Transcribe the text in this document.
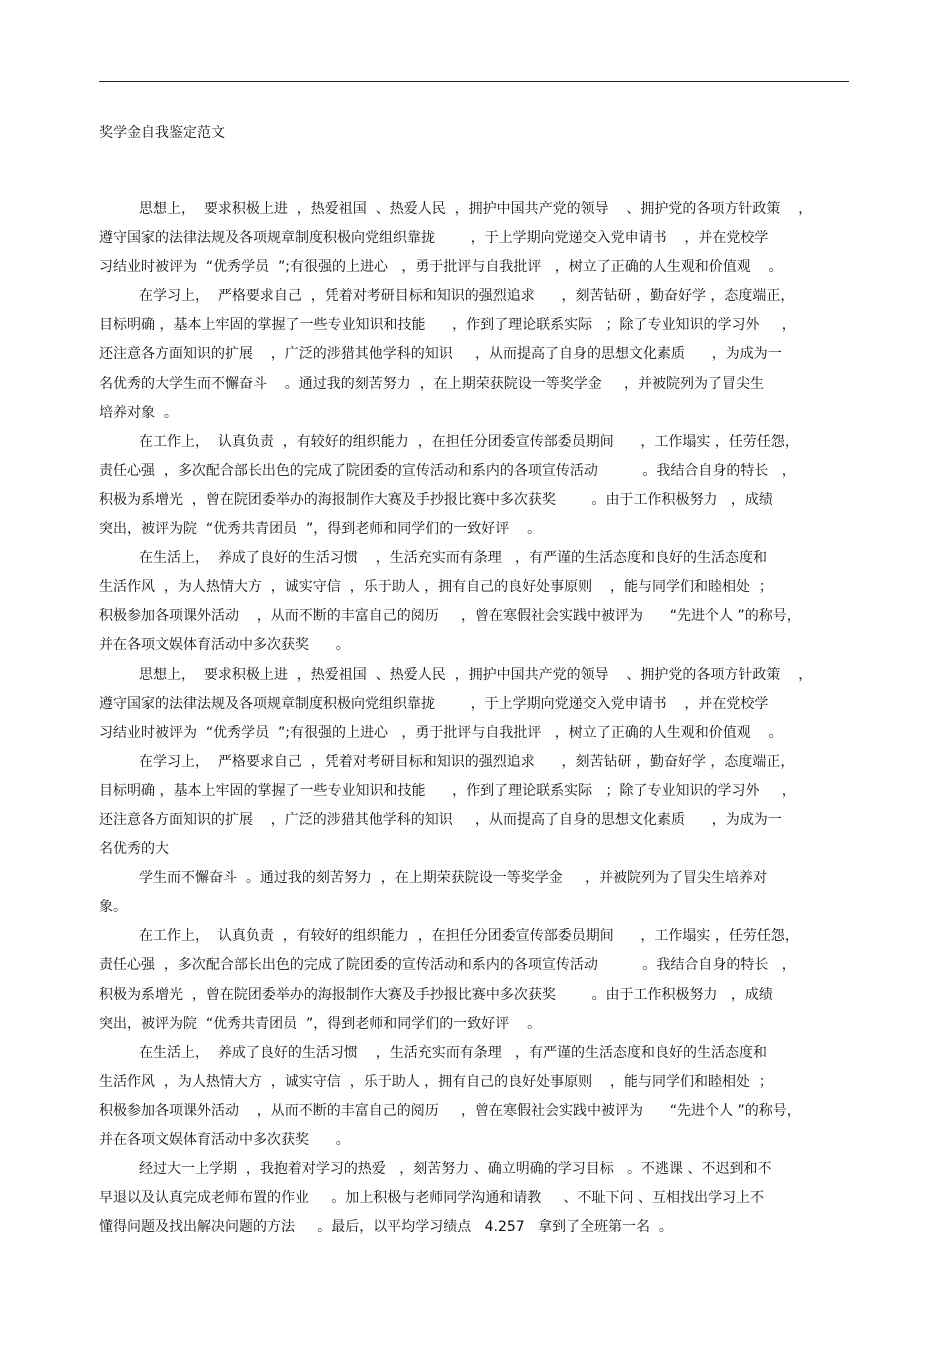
奖学金自我鉴定范文
思想上，  要求积极上进  ，热爱祖国  、热爱人民  ，拥护中国共产党的领导    、拥护党的各项方针政策    ，
遵守国家的法律法规及各项规章制度积极向党组织靠拢        ，于上学期向党递交入党申请书    ，并在党校学
习结业时被评为  “优秀学员  ”;有很强的上进心   ，勇于批评与自我批评   ，树立了正确的人生观和价值观    。
在学习上，  严格要求自己  ，凭着对考研目标和知识的强烈追求      ，刻苦钻研 ，勤奋好学 ，态度端正，
目标明确 ，基本上牢固的掌握了一些专业知识和技能      ，作到了理论联系实际   ；除了专业知识的学习外     ，
还注意各方面知识的扩展    ，广泛的涉猎其他学科的知识     ，从而提高了自身的思想文化素质      ，为成为一
名优秀的大学生而不懈奋斗    。通过我的刻苦努力  ，在上期荣获院设一等奖学金     ，并被院列为了冒尖生
培养对象  。
在工作上，  认真负责  ，有较好的组织能力  ，在担任分团委宣传部委员期间      ，工作塌实 ，任劳任怨，
责任心强  ，多次配合部长出色的完成了院团委的宣传活动和系内的各项宣传活动          。我结合自身的特长   ，
积极为系增光  ，曾在院团委举办的海报制作大赛及手抄报比赛中多次获奖        。由于工作积极努力   ，成绩
突出，被评为院  “优秀共青团员  ”，得到老师和同学们的一致好评    。
在生活上，  养成了良好的生活习惯    ，生活充实而有条理   ，有严谨的生活态度和良好的生活态度和
生活作风  ，为人热情大方  ，诚实守信  ，乐于助人 ，拥有自己的良好处事原则    ，能与同学们和睦相处  ；
积极参加各项课外活动    ，从而不断的丰富自己的阅历     ，曾在寒假社会实践中被评为      “先进个人 ”的称号，
并在各项文娱体育活动中多次获奖      。
思想上，  要求积极上进  ，热爱祖国  、热爱人民  ，拥护中国共产党的领导    、拥护党的各项方针政策    ，
遵守国家的法律法规及各项规章制度积极向党组织靠拢        ，于上学期向党递交入党申请书    ，并在党校学
习结业时被评为  “优秀学员  ”;有很强的上进心   ，勇于批评与自我批评   ，树立了正确的人生观和价值观    。
在学习上，  严格要求自己  ，凭着对考研目标和知识的强烈追求      ，刻苦钻研 ，勤奋好学 ，态度端正，
目标明确 ，基本上牢固的掌握了一些专业知识和技能      ，作到了理论联系实际   ；除了专业知识的学习外     ，
还注意各方面知识的扩展    ，广泛的涉猎其他学科的知识     ，从而提高了自身的思想文化素质      ，为成为一
名优秀的大
学生而不懈奋斗  。通过我的刻苦努力  ，在上期荣获院设一等奖学金     ，并被院列为了冒尖生培养对
象。
在工作上，  认真负责  ，有较好的组织能力  ，在担任分团委宣传部委员期间      ，工作塌实 ，任劳任怨，
责任心强  ，多次配合部长出色的完成了院团委的宣传活动和系内的各项宣传活动          。我结合自身的特长   ，
积极为系增光  ，曾在院团委举办的海报制作大赛及手抄报比赛中多次获奖        。由于工作积极努力   ，成绩
突出，被评为院  “优秀共青团员  ”，得到老师和同学们的一致好评    。
在生活上，  养成了良好的生活习惯    ，生活充实而有条理   ，有严谨的生活态度和良好的生活态度和
生活作风  ，为人热情大方  ，诚实守信  ，乐于助人 ，拥有自己的良好处事原则    ，能与同学们和睦相处  ；
积极参加各项课外活动    ，从而不断的丰富自己的阅历     ，曾在寒假社会实践中被评为      “先进个人 ”的称号，
并在各项文娱体育活动中多次获奖      。
经过大一上学期  ，我抱着对学习的热爱   ，刻苦努力 、确立明确的学习目标   。不逃课 、不迟到和不
早退以及认真完成老师布置的作业     。加上积极与老师同学沟通和请教     、不耻下问 、互相找出学习上不
懂得问题及找出解决问题的方法     。最后，以平均学习绩点   4.257   拿到了全班第一名  。
